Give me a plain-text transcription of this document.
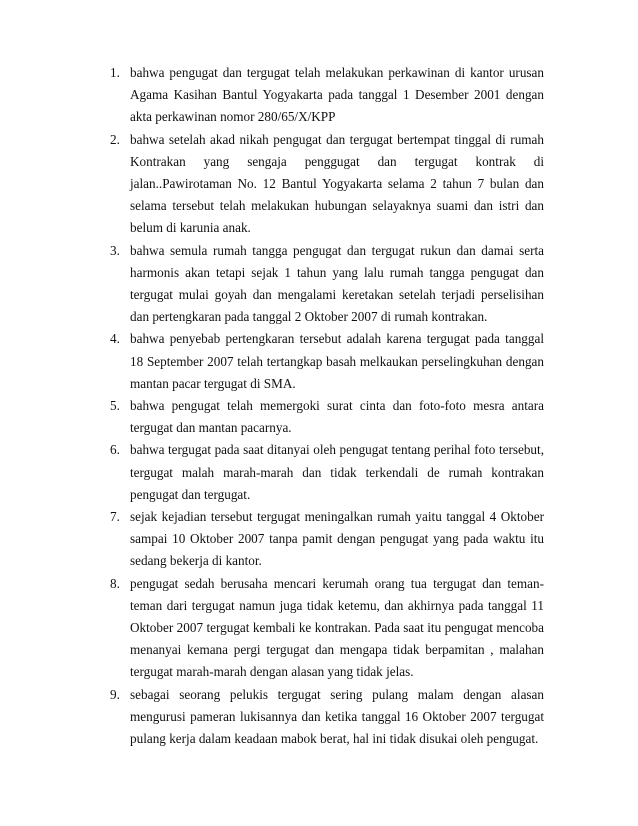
1. bahwa pengugat dan tergugat telah melakukan perkawinan di kantor urusan Agama Kasihan Bantul Yogyakarta pada tanggal 1 Desember 2001 dengan akta perkawinan nomor 280/65/X/KPP
2. bahwa setelah akad nikah pengugat dan tergugat bertempat tinggal di rumah Kontrakan yang sengaja penggugat dan tergugat kontrak di jalan..Pawirotaman No. 12 Bantul Yogyakarta selama 2 tahun 7 bulan dan selama tersebut telah melakukan hubungan selayaknya suami dan istri dan belum di karunia anak.
3. bahwa semula rumah tangga pengugat dan tergugat rukun dan damai serta harmonis akan tetapi sejak 1 tahun yang lalu rumah tangga pengugat dan tergugat mulai goyah dan mengalami keretakan setelah terjadi perselisihan dan pertengkaran pada tanggal 2 Oktober 2007 di rumah kontrakan.
4. bahwa penyebab pertengkaran tersebut adalah karena tergugat pada tanggal 18 September 2007 telah tertangkap basah melkaukan perselingkuhan dengan mantan pacar tergugat di SMA.
5. bahwa pengugat telah memergoki surat cinta dan foto-foto mesra antara tergugat dan mantan pacarnya.
6. bahwa tergugat pada saat ditanyai oleh pengugat tentang perihal foto tersebut, tergugat malah marah-marah dan tidak terkendali de rumah kontrakan pengugat dan tergugat.
7. sejak kejadian tersebut tergugat meningalkan rumah yaitu tanggal 4 Oktober sampai 10 Oktober 2007 tanpa pamit dengan pengugat yang pada waktu itu sedang bekerja di kantor.
8. pengugat sedah berusaha mencari kerumah orang tua tergugat dan teman-teman dari tergugat namun juga tidak ketemu, dan akhirnya pada tanggal 11 Oktober 2007 tergugat kembali ke kontrakan. Pada saat itu pengugat mencoba menanyai kemana pergi tergugat dan mengapa tidak berpamitan , malahan tergugat marah-marah dengan alasan yang tidak jelas.
9. sebagai seorang pelukis tergugat sering pulang malam dengan alasan mengurusi pameran lukisannya dan ketika tanggal 16 Oktober 2007 tergugat pulang kerja dalam keadaan mabok berat, hal ini tidak disukai oleh pengugat.
